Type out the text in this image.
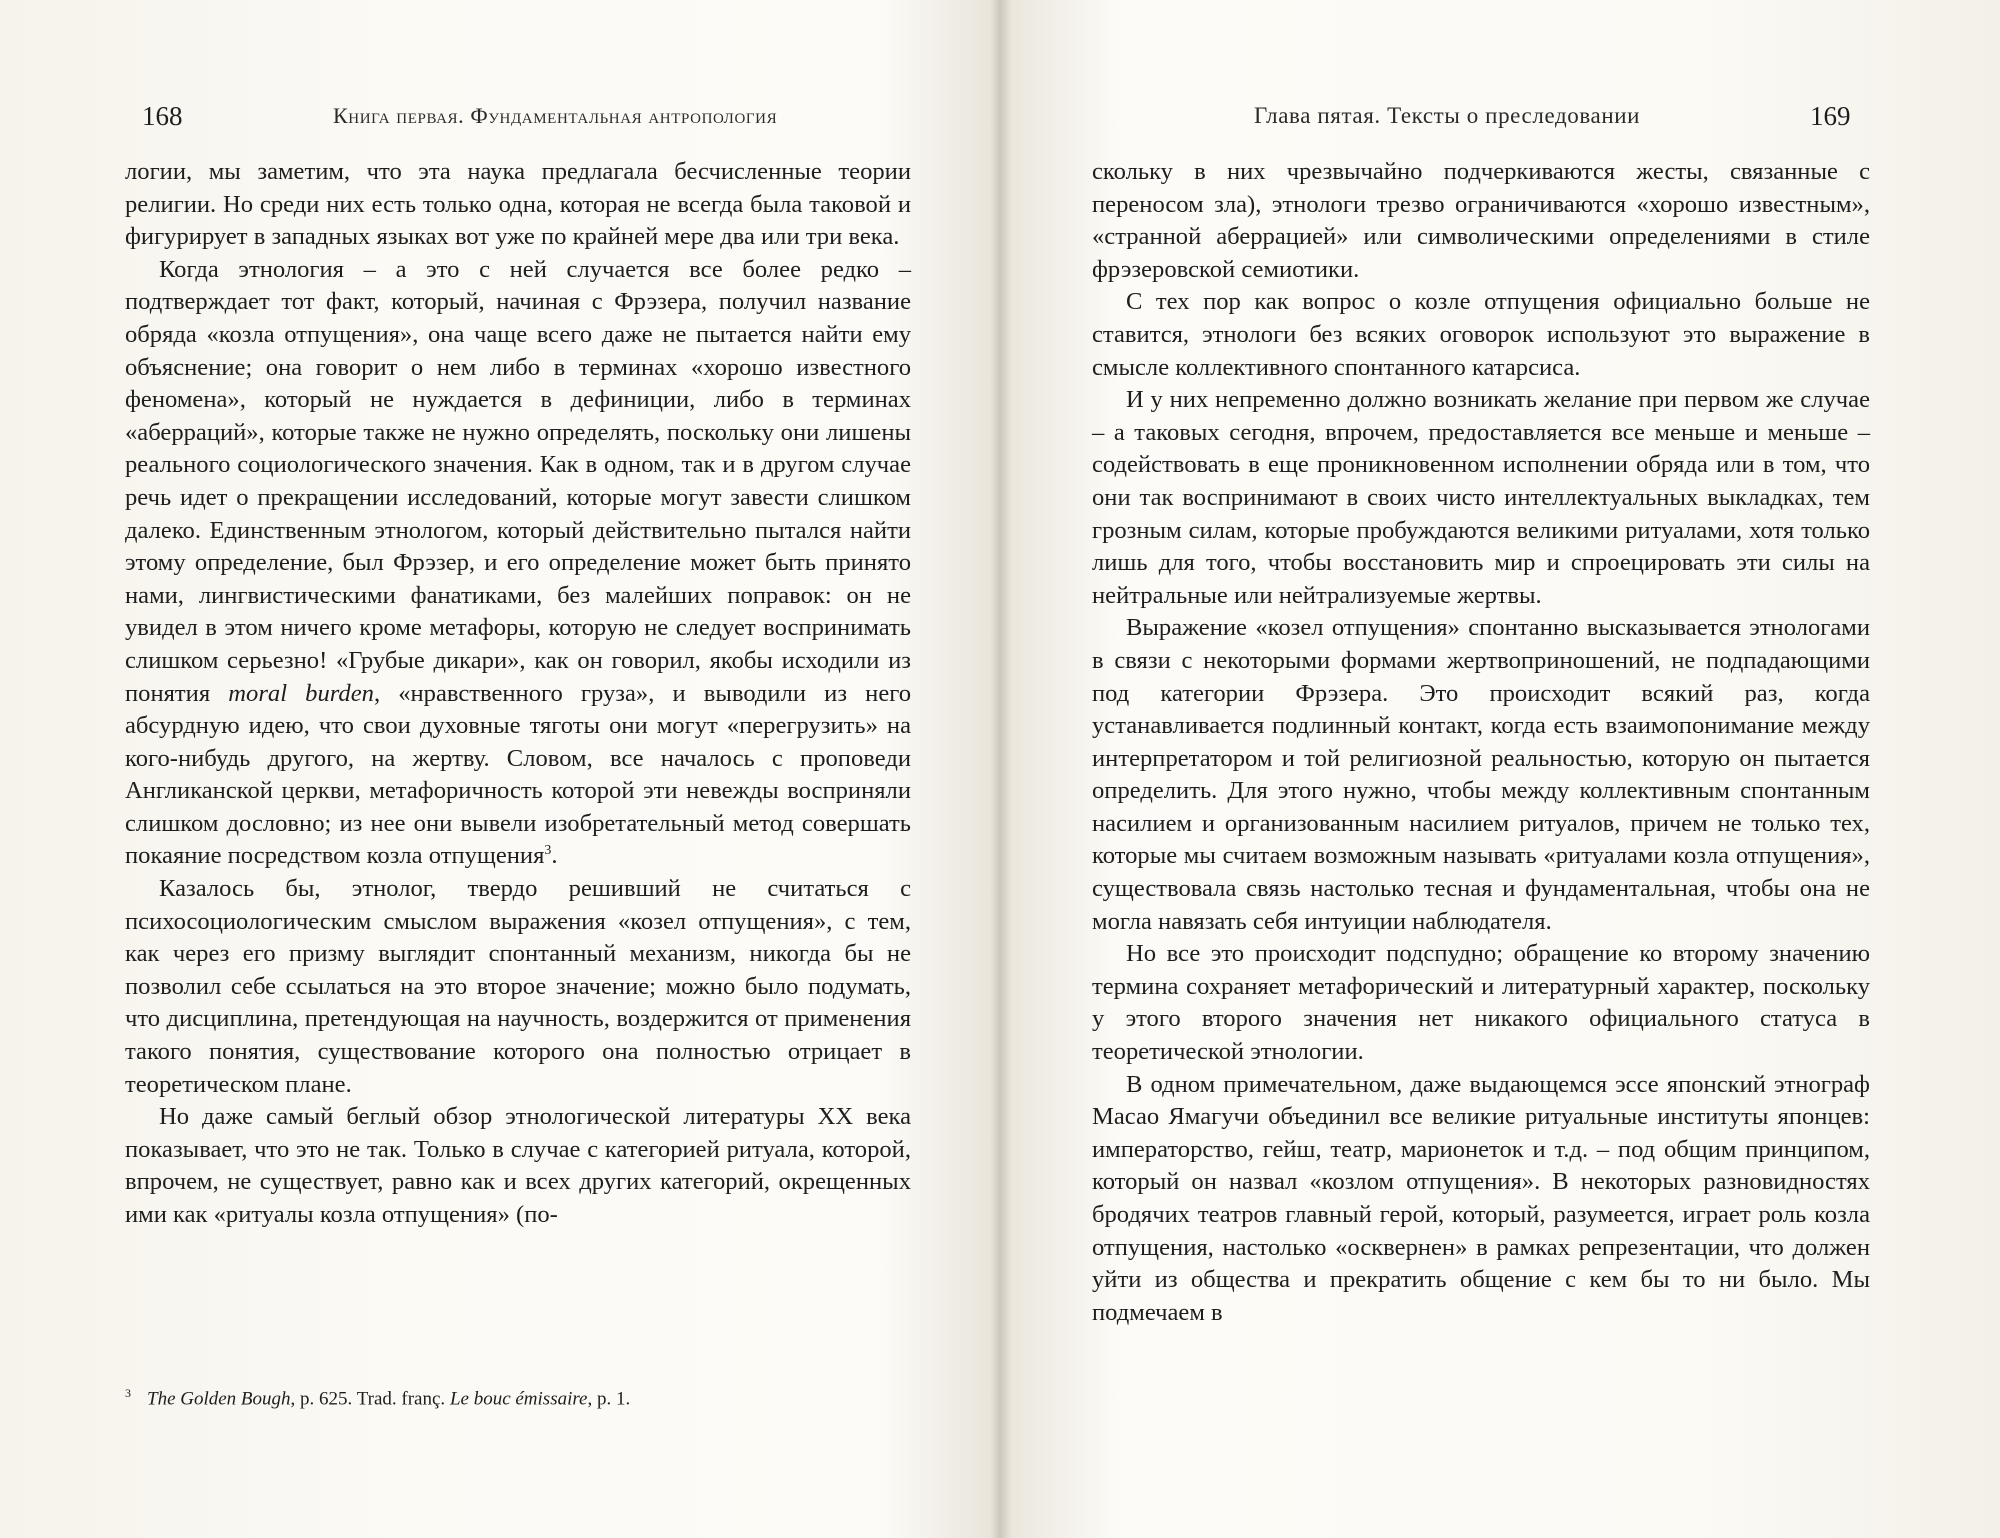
168	Книга первая. Фундаментальная антропология

логии, мы заметим, что эта наука предлагала бесчисленные теории религии. Но среди них есть только одна, которая не всегда была таковой и фигурирует в западных языках вот уже по крайней мере два или три века.

Когда этнология – а это с ней случается все более редко – подтверждает тот факт, который, начиная с Фрэзера, получил название обряда «козла отпущения», она чаще всего даже не пытается найти ему объяснение; она говорит о нем либо в терминах «хорошо известного феномена», который не нуждается в дефиниции, либо в терминах «аберраций», которые также не нужно определять, поскольку они лишены реального социологического значения. Как в одном, так и в другом случае речь идет о прекращении исследований, которые могут завести слишком далеко. Единственным этнологом, который действительно пытался найти этому определение, был Фрэзер, и его определение может быть принято нами, лингвистическими фанатиками, без малейших поправок: он не увидел в этом ничего кроме метафоры, которую не следует воспринимать слишком серьезно! «Грубые дикари», как он говорил, якобы исходили из понятия moral burden, «нравственного груза», и выводили из него абсурдную идею, что свои духовные тяготы они могут «перегрузить» на кого-нибудь другого, на жертву. Словом, все началось с проповеди Англиканской церкви, метафоричность которой эти невежды восприняли слишком дословно; из нее они вывели изобретательный метод совершать покаяние посредством козла отпущения$^3$.

Казалось бы, этнолог, твердо решивший не считаться с психосоциологическим смыслом выражения «козел отпущения», с тем, как через его призму выглядит спонтанный механизм, никогда бы не позволил себе ссылаться на это второе значение; можно было подумать, что дисциплина, претендующая на научность, воздержится от применения такого понятия, существование которого она полностью отрицает в теоретическом плане.

Но даже самый беглый обзор этнологической литературы XX века показывает, что это не так. Только в случае с категорией ритуала, которой, впрочем, не существует, равно как и всех других категорий, окрещенных ими как «ритуалы козла отпущения» (по-

$^3$ The Golden Bough, p. 625. Trad. franç. Le bouc émissaire, p. 1.
Глава пятая. Тексты о преследовании	169

скольку в них чрезвычайно подчеркиваются жесты, связанные с переносом зла), этнологи трезво ограничиваются «хорошо известным», «странной аберрацией» или символическими определениями в стиле фрэзеровской семиотики.

С тех пор как вопрос о козле отпущения официально больше не ставится, этнологи без всяких оговорок используют это выражение в смысле коллективного спонтанного катарсиса.

И у них непременно должно возникать желание при первом же случае – а таковых сегодня, впрочем, предоставляется все меньше и меньше – содействовать в еще проникновенном исполнении обряда или в том, что они так воспринимают в своих чисто интеллектуальных выкладках, тем грозным силам, которые пробуждаются великими ритуалами, хотя только лишь для того, чтобы восстановить мир и спроецировать эти силы на нейтральные или нейтрализуемые жертвы.

Выражение «козел отпущения» спонтанно высказывается этнологами в связи с некоторыми формами жертвоприношений, не подпадающими под категории Фрэзера. Это происходит всякий раз, когда устанавливается подлинный контакт, когда есть взаимопонимание между интерпретатором и той религиозной реальностью, которую он пытается определить. Для этого нужно, чтобы между коллективным спонтанным насилием и организованным насилием ритуалов, причем не только тех, которые мы считаем возможным называть «ритуалами козла отпущения», существовала связь настолько тесная и фундаментальная, чтобы она не могла навязать себя интуиции наблюдателя.

Но все это происходит подспудно; обращение ко второму значению термина сохраняет метафорический и литературный характер, поскольку у этого второго значения нет никакого официального статуса в теоретической этнологии.

В одном примечательном, даже выдающемся эссе японский этнограф Масао Ямагучи объединил все великие ритуальные институты японцев: императорство, гейш, театр, марионеток и т.д. – под общим принципом, который он назвал «козлом отпущения». В некоторых разновидностях бродячих театров главный герой, который, разумеется, играет роль козла отпущения, настолько «осквернен» в рамках репрезентации, что должен уйти из общества и прекратить общение с кем бы то ни было. Мы подмечаем в
